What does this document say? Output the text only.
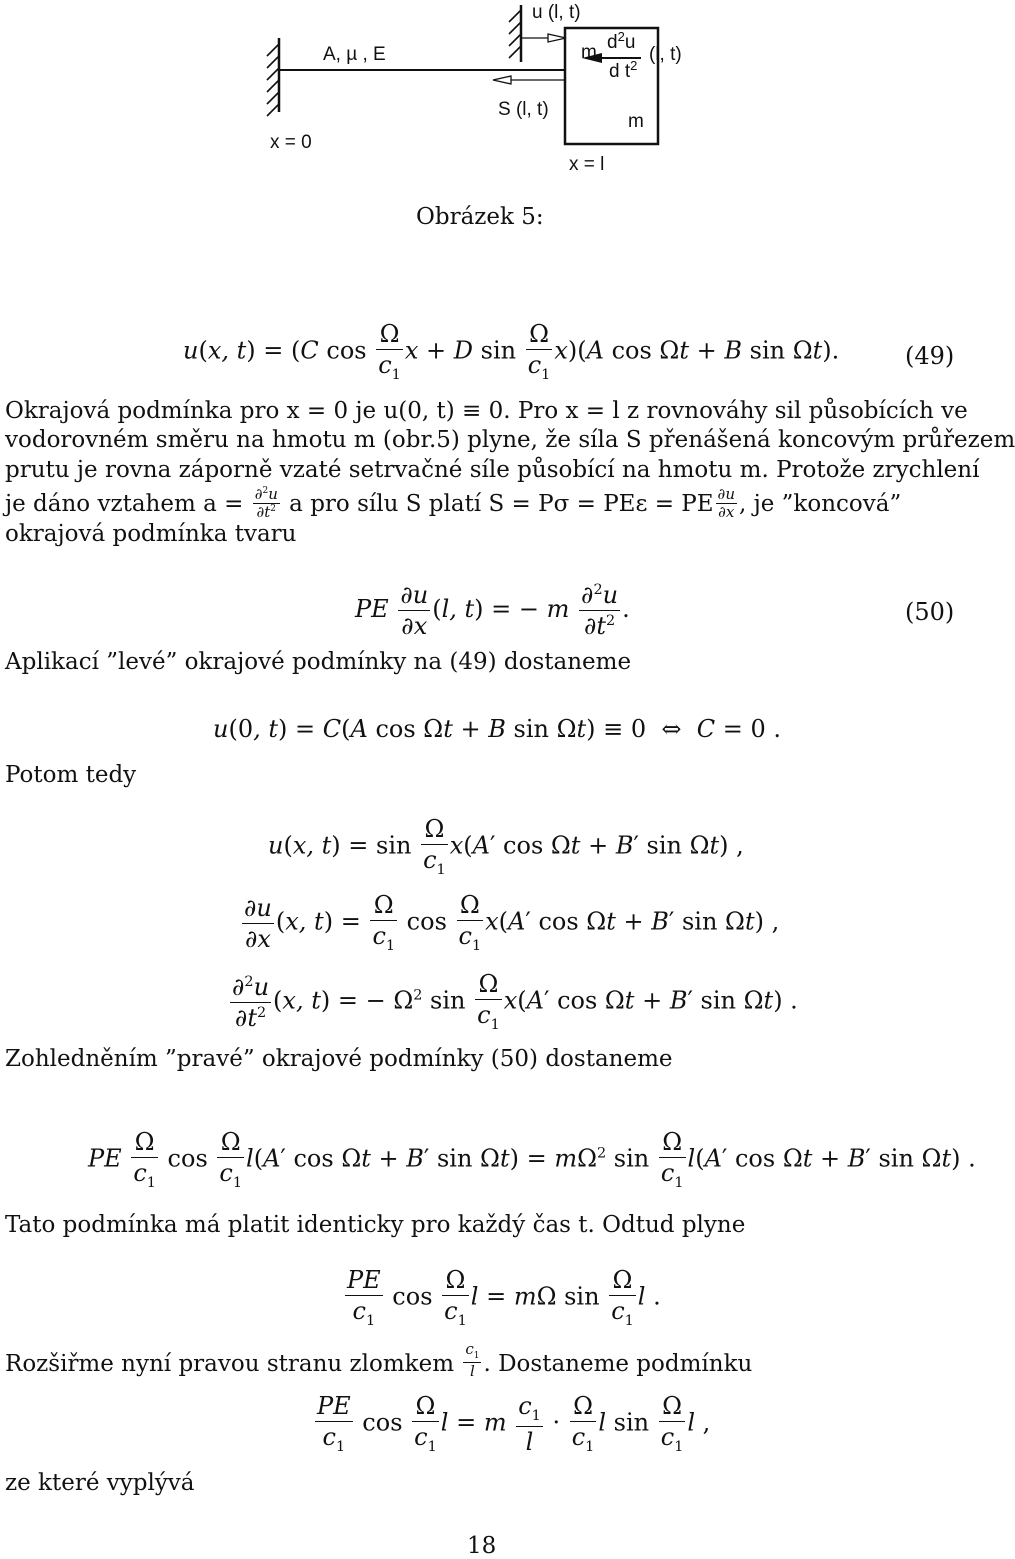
A, µ , E
u (l, t)
S (l, t)
x = 0
x = l
m
m $d^2u$
d $t^2$
(l, t)
Obrázek 5:
u(x, t) = (C $\cos \frac{\Omega}{c_1}$ x + D $\sin \frac{\Omega}{c_1} x)(A$ cos Ωt + B sin Ωt).	(49)
Okrajová podmínka pro x = 0 je u(0, t) ≡ 0. Pro x = l z rovnováhy sil působících ve
vodorovném směru na hmotu m (obr.5) plyne, že síla S přenášená koncovým průřezem
prutu je rovna záporně vzaté setrvačné síle působící na hmotu m. Protože zrychlení
je dáno vztahem $a = \frac{\partial^2u}{\partial t^2}$ a pro sílu S platí S = Pσ = PEε = PE $\frac{\partial u}{\partial x}$ , je ”koncová”
okrajová podmínka tvaru
PE $\frac{\partial u}{\partial x} (l$, t) = − m $\frac{\partial^2u}{\partial t^2}$ .	(50)
Aplikací ”levé” okrajové podmínky na (49) dostaneme
u(0, t) = C(A cos Ωt + B sin Ωt) ≡ 0  ⇔  C = 0 .
Potom tedy
u(x, $t) = \sin \frac{\Omega}{c_1} x(A'$ cos Ωt + B′ sin Ωt) ,
$\frac{\partial u}{\partial x} (x$, $t) = \frac{\Omega}{c_1}$ $\cos \frac{\Omega}{c_1} x(A'$ cos Ωt + B′ sin Ωt) ,
$\frac{\partial^2u}{\partial t^2} (x$, t) = − $\Omega^2$ $\sin \frac{\Omega}{c_1} x(A'$ cos Ωt + B′ sin Ωt) .
Zohledněním ”pravé” okrajové podmínky (50) dostaneme
PE $\frac{\Omega}{c_1}$ $\cos \frac{\Omega}{c_1} l(A'$ cos Ωt + B′ $\sin \Omega t) = m\Omega^2$ $\sin \frac{\Omega}{c_1} l(A'$ cos Ωt + B′ sin Ωt) .
Tato podmínka má platit identicky pro každý čas t. Odtud plyne
$\frac{PE}{c_1}$ $\cos \frac{\Omega}{c_1}$ l = mΩ $\sin \frac{\Omega}{c_1}$ l .
Rozšiřme nyní pravou stranu zlomkem $\frac{c_1}{l}$ . Dostaneme podmínku
$\frac{PE}{c_1}$ $\cos \frac{\Omega}{c_1}$ l = m $\frac{c_1}{l} \cdot \frac{\Omega}{c_1}$ l $\sin \frac{\Omega}{c_1}$ l ,
ze které vyplývá
18
